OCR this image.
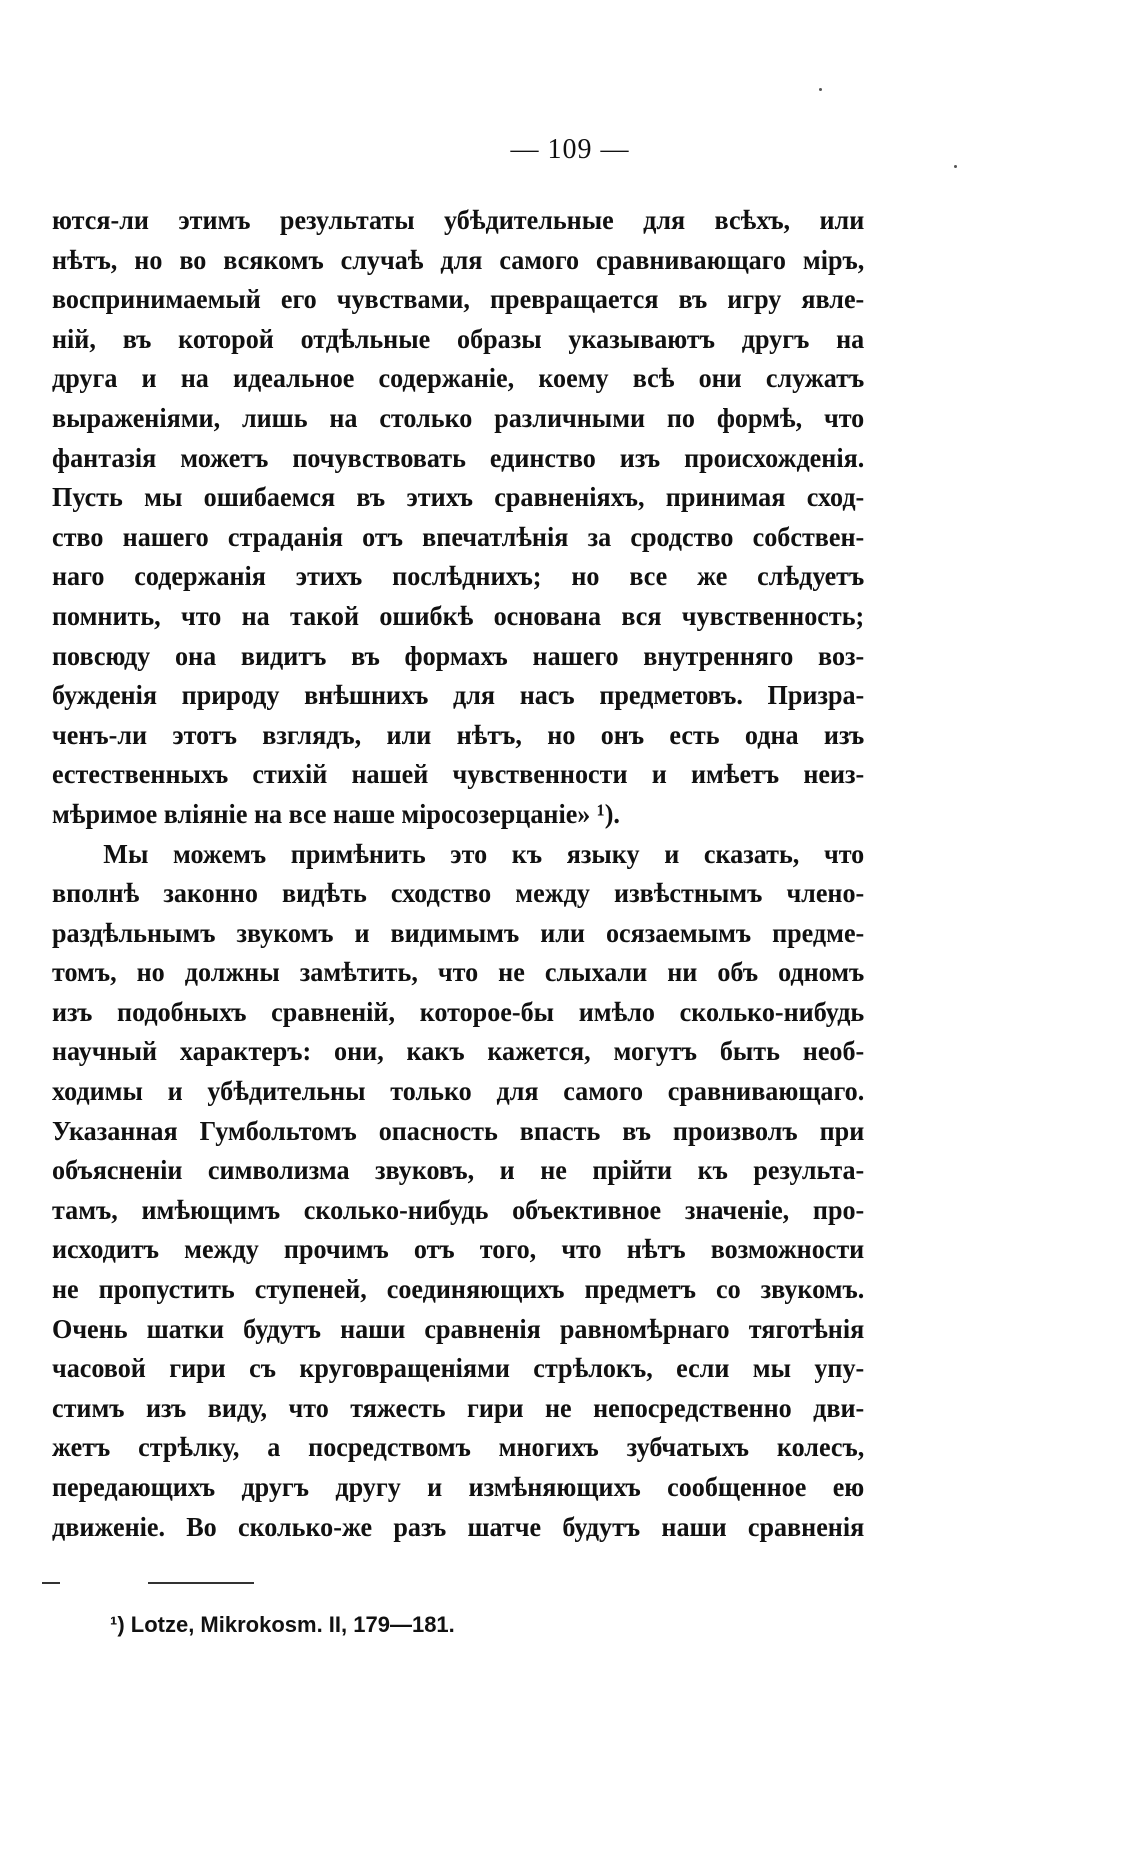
— 109 —
ются-ли этимъ результаты убѣдительные для всѣхъ, или
нѣтъ, но во всякомъ случаѣ для самого сравнивающаго міръ,
воспринимаемый его чувствами, превращается въ игру явле-
ній, въ которой отдѣльные образы указываютъ другъ на
друга и на идеальное содержаніе, коему всѣ они служатъ
выраженіями, лишь на столько различными по формѣ, что
фантазія можетъ почувствовать единство изъ происхожденія.
Пусть мы ошибаемся въ этихъ сравненіяхъ, принимая сход-
ство нашего страданія отъ впечатлѣнія за сродство собствен-
наго содержанія этихъ послѣднихъ; но все же слѣдуетъ
помнить, что на такой ошибкѣ основана вся чувственность;
повсюду она видитъ въ формахъ нашего внутренняго воз-
бужденія природу внѣшнихъ для насъ предметовъ. Призра-
ченъ-ли этотъ взглядъ, или нѣтъ, но онъ есть одна изъ
естественныхъ стихій нашей чувственности и имѣетъ неиз-
мѣримое вліяніе на все наше міросозерцаніе» ¹).
Мы можемъ примѣнить это къ языку и сказать, что
вполнѣ законно видѣть сходство между извѣстнымъ члено-
раздѣльнымъ звукомъ и видимымъ или осязаемымъ предме-
томъ, но должны замѣтить, что не слыхали ни объ одномъ
изъ подобныхъ сравненій, которое-бы имѣло сколько-нибудь
научный характеръ: они, какъ кажется, могутъ быть необ-
ходимы и убѣдительны только для самого сравнивающаго.
Указанная Гумбольтомъ опасность впасть въ произволъ при
объясненіи символизма звуковъ, и не прійти къ результа-
тамъ, имѣющимъ сколько-нибудь объективное значеніе, про-
исходитъ между прочимъ отъ того, что нѣтъ возможности
не пропустить ступеней, соединяющихъ предметъ со звукомъ.
Очень шатки будутъ наши сравненія равномѣрнаго тяготѣнія
часовой гири съ круговращеніями стрѣлокъ, если мы упу-
стимъ изъ виду, что тяжесть гири не непосредственно дви-
жетъ стрѣлку, а посредствомъ многихъ зубчатыхъ колесъ,
передающихъ другъ другу и измѣняющихъ сообщенное ею
движеніе. Во сколько-же разъ шатче будутъ наши сравненія
¹) Lotze, Mikrokosm. II, 179—181.
